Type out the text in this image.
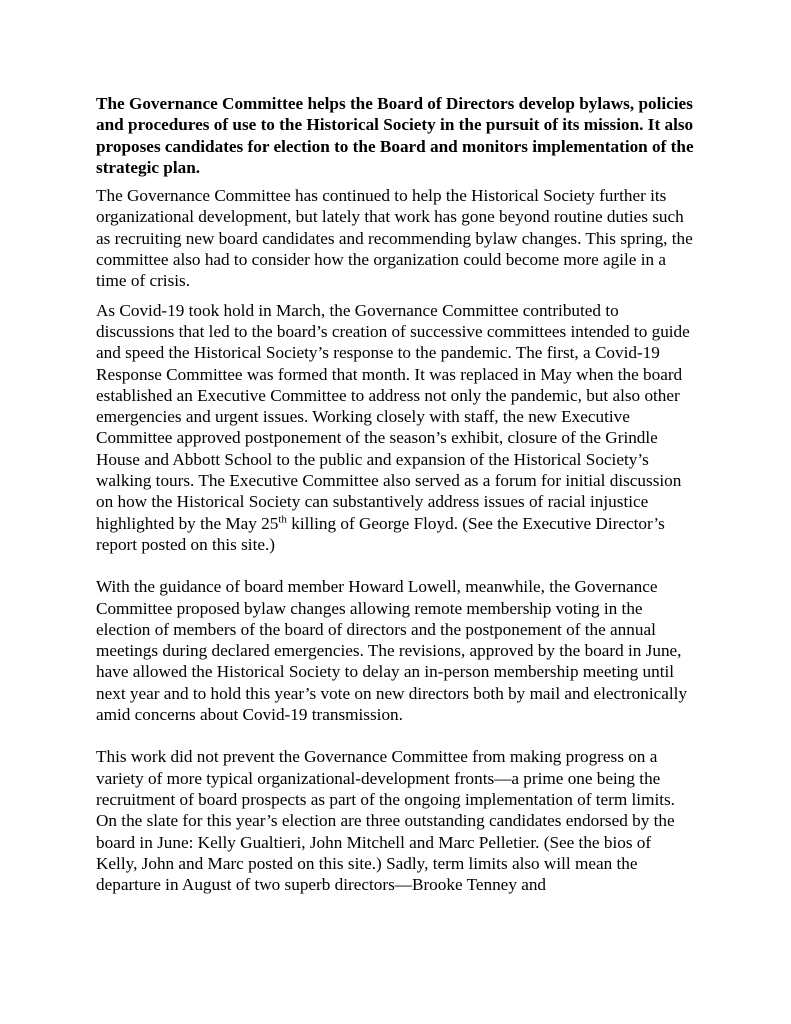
The Governance Committee helps the Board of Directors develop bylaws, policies and procedures of use to the Historical Society in the pursuit of its mission. It also proposes candidates for election to the Board and monitors implementation of the strategic plan.

The Governance Committee has continued to help the Historical Society further its organizational development, but lately that work has gone beyond routine duties such as recruiting new board candidates and recommending bylaw changes. This spring, the committee also had to consider how the organization could become more agile in a time of crisis.

As Covid-19 took hold in March, the Governance Committee contributed to discussions that led to the board’s creation of successive committees intended to guide and speed the Historical Society’s response to the pandemic. The first, a Covid-19 Response Committee was formed that month. It was replaced in May when the board established an Executive Committee to address not only the pandemic, but also other emergencies and urgent issues. Working closely with staff, the new Executive Committee approved postponement of the season’s exhibit, closure of the Grindle House and Abbott School to the public and expansion of the Historical Society’s walking tours. The Executive Committee also served as a forum for initial discussion on how the Historical Society can substantively address issues of racial injustice highlighted by the May 25th killing of George Floyd. (See the Executive Director’s report posted on this site.)

With the guidance of board member Howard Lowell, meanwhile, the Governance Committee proposed bylaw changes allowing remote membership voting in the election of members of the board of directors and the postponement of the annual meetings during declared emergencies. The revisions, approved by the board in June, have allowed the Historical Society to delay an in-person membership meeting until next year and to hold this year’s vote on new directors both by mail and electronically amid concerns about Covid-19 transmission.

This work did not prevent the Governance Committee from making progress on a variety of more typical organizational-development fronts—a prime one being the recruitment of board prospects as part of the ongoing implementation of term limits. On the slate for this year’s election are three outstanding candidates endorsed by the board in June: Kelly Gualtieri, John Mitchell and Marc Pelletier. (See the bios of Kelly, John and Marc posted on this site.) Sadly, term limits also will mean the departure in August of two superb directors—Brooke Tenney and
